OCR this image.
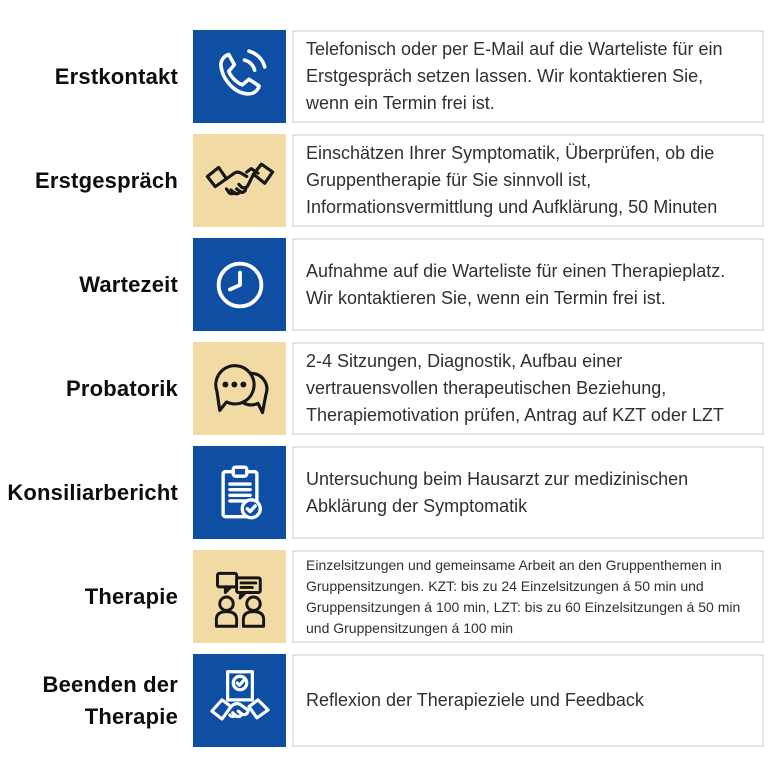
Erstkontakt
Telefonisch oder per E-Mail auf die Warteliste für ein Erstgespräch setzen lassen. Wir kontaktieren Sie, wenn ein Termin frei ist.
Erstgespräch
Einschätzen Ihrer Symptomatik, Überprüfen, ob die Gruppentherapie für Sie sinnvoll ist, Informationsvermittlung und Aufklärung, 50 Minuten
Wartezeit
Aufnahme auf die Warteliste für einen Therapieplatz. Wir kontaktieren Sie, wenn ein Termin frei ist.
Probatorik
2-4 Sitzungen, Diagnostik, Aufbau einer vertrauensvollen therapeutischen Beziehung, Therapiemotivation prüfen, Antrag auf KZT oder LZT
Konsiliarbericht
Untersuchung beim Hausarzt zur medizinischen Abklärung der Symptomatik
Therapie
Einzelsitzungen und gemeinsame Arbeit an den Gruppenthemen in Gruppensitzungen. KZT: bis zu 24 Einzelsitzungen á 50 min und Gruppensitzungen á 100 min, LZT: bis zu 60 Einzelsitzungen á 50 min und Gruppensitzungen á 100 min
Beenden der Therapie
Reflexion der Therapieziele und Feedback
